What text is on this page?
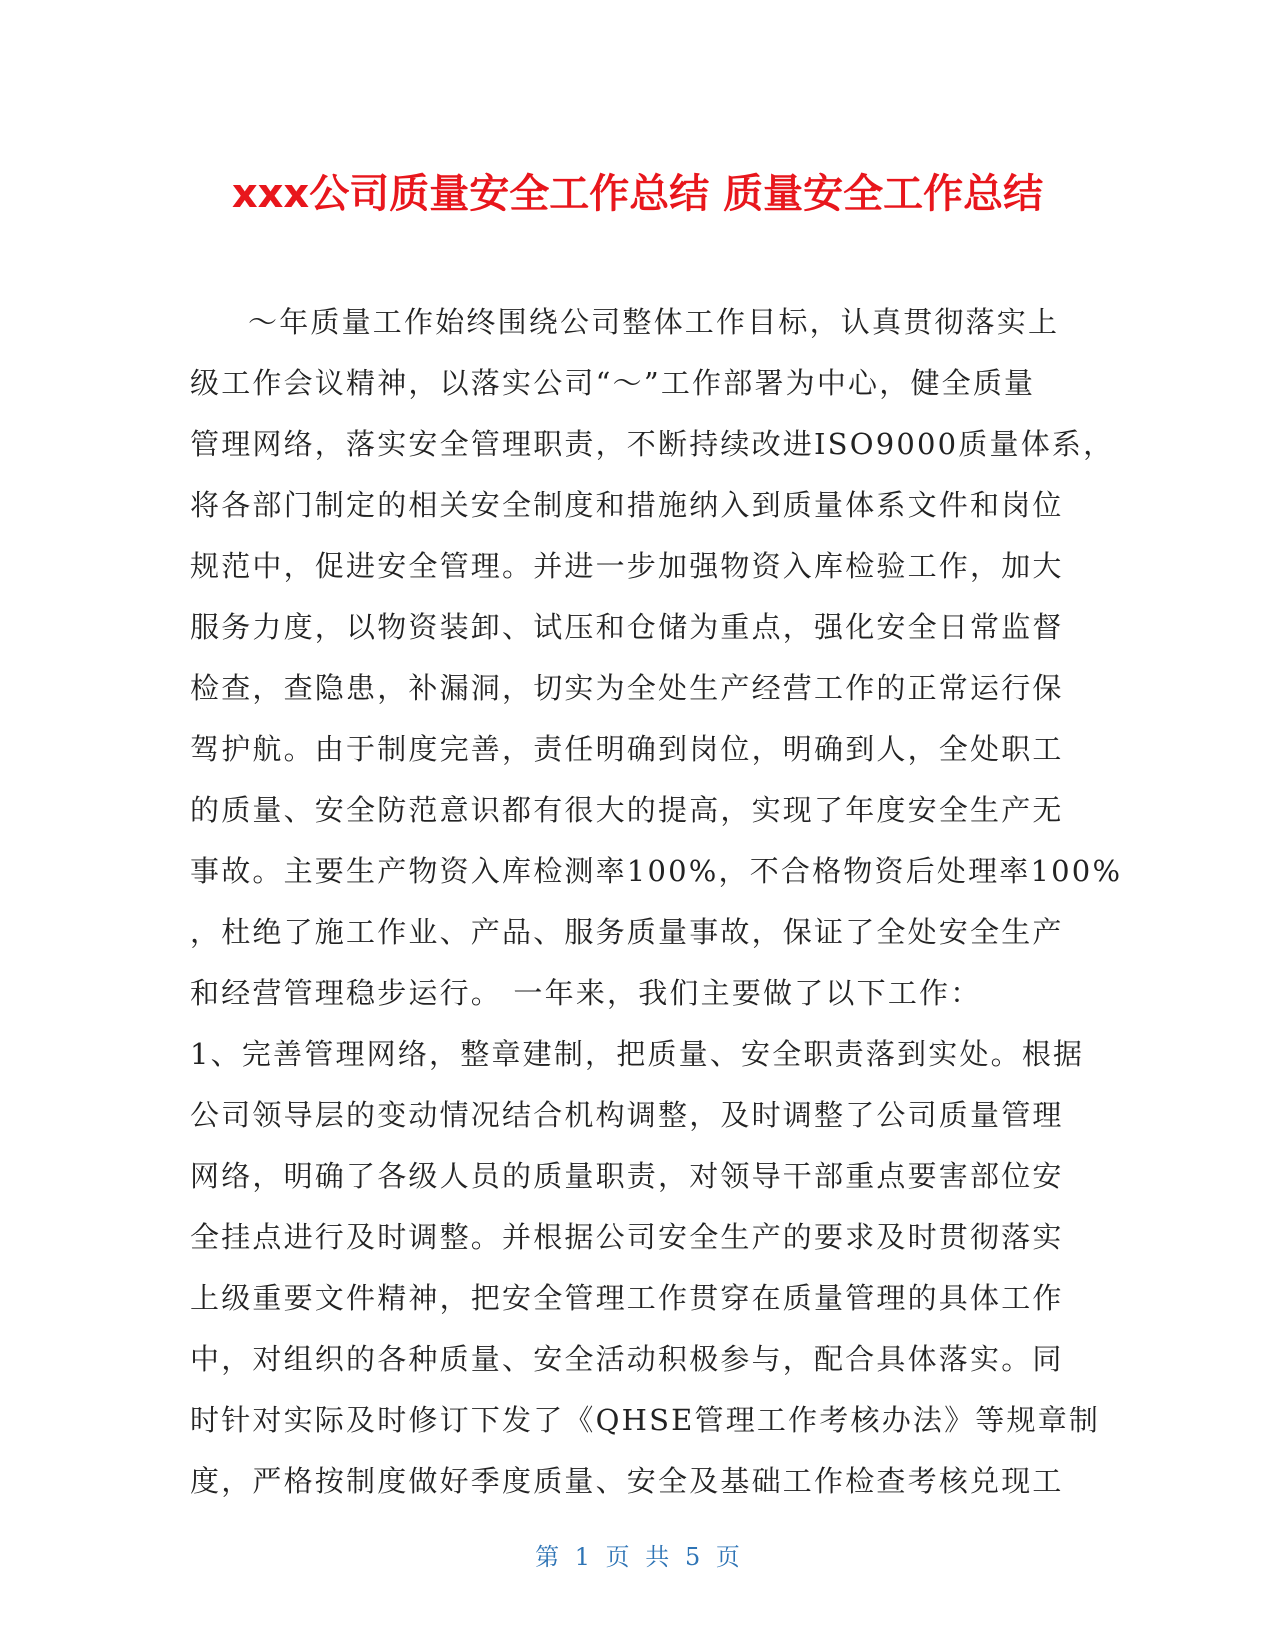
xxx公司质量安全工作总结 质量安全工作总结
～年质量工作始终围绕公司整体工作目标，认真贯彻落实上
级工作会议精神，以落实公司“～”工作部署为中心，健全质量
管理网络，落实安全管理职责，不断持续改进ISO9000质量体系，
将各部门制定的相关安全制度和措施纳入到质量体系文件和岗位
规范中，促进安全管理。并进一步加强物资入库检验工作，加大
服务力度，以物资装卸、试压和仓储为重点，强化安全日常监督
检查，查隐患，补漏洞，切实为全处生产经营工作的正常运行保
驾护航。由于制度完善，责任明确到岗位，明确到人，全处职工
的质量、安全防范意识都有很大的提高，实现了年度安全生产无
事故。主要生产物资入库检测率100%，不合格物资后处理率100%
，杜绝了施工作业、产品、服务质量事故，保证了全处安全生产
和经营管理稳步运行。 一年来，我们主要做了以下工作：
1、完善管理网络，整章建制，把质量、安全职责落到实处。根据
公司领导层的变动情况结合机构调整，及时调整了公司质量管理
网络，明确了各级人员的质量职责，对领导干部重点要害部位安
全挂点进行及时调整。并根据公司安全生产的要求及时贯彻落实
上级重要文件精神，把安全管理工作贯穿在质量管理的具体工作
中，对组织的各种质量、安全活动积极参与，配合具体落实。同
时针对实际及时修订下发了《QHSE管理工作考核办法》等规章制
度，严格按制度做好季度质量、安全及基础工作检查考核兑现工
第 1 页 共 5 页
